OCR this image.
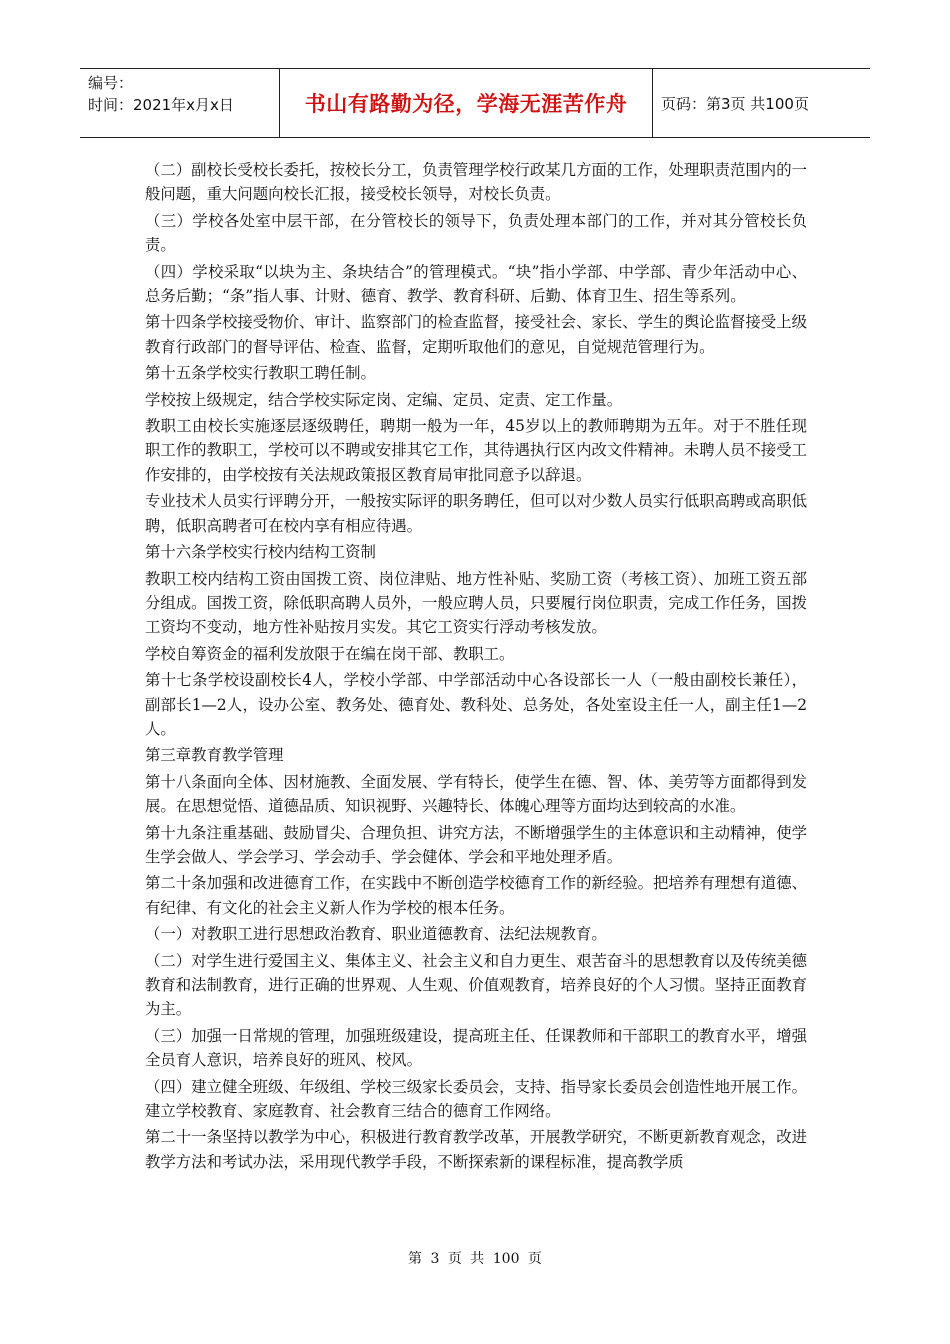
编号：
时间：2021年x月x日	书山有路勤为径，学海无涯苦作舟 页码：第3页 共100页

（二）副校长受校长委托，按校长分工，负责管理学校行政某几方面的工作，处理职责范围内的一般问题，重大问题向校长汇报，接受校长领导，对校长负责。

（三）学校各处室中层干部，在分管校长的领导下，负责处理本部门的工作，并对其分管校长负责。

（四）学校采取“以块为主、条块结合”的管理模式。“块”指小学部、中学部、青少年活动中心、总务后勤；“条”指人事、计财、德育、教学、教育科研、后勤、体育卫生、招生等系列。

第十四条学校接受物价、审计、监察部门的检查监督，接受社会、家长、学生的舆论监督接受上级教育行政部门的督导评估、检查、监督，定期听取他们的意见，自觉规范管理行为。

第十五条学校实行教职工聘任制。

学校按上级规定，结合学校实际定岗、定编、定员、定责、定工作量。

教职工由校长实施逐层逐级聘任，聘期一般为一年，45岁以上的教师聘期为五年。对于不胜任现职工作的教职工，学校可以不聘或安排其它工作，其待遇执行区内改文件精神。未聘人员不接受工作安排的，由学校按有关法规政策报区教育局审批同意予以辞退。

专业技术人员实行评聘分开，一般按实际评的职务聘任，但可以对少数人员实行低职高聘或高职低聘，低职高聘者可在校内享有相应待遇。

第十六条学校实行校内结构工资制

教职工校内结构工资由国拨工资、岗位津贴、地方性补贴、奖励工资（考核工资）、加班工资五部分组成。国拨工资，除低职高聘人员外，一般应聘人员，只要履行岗位职责，完成工作任务，国拨工资均不变动，地方性补贴按月实发。其它工资实行浮动考核发放。

学校自筹资金的福利发放限于在编在岗干部、教职工。

第十七条学校设副校长4人，学校小学部、中学部活动中心各设部长一人（一般由副校长兼任），副部长1—2人，设办公室、教务处、德育处、教科处、总务处，各处室设主任一人，副主任1—2人。

第三章教育教学管理

第十八条面向全体、因材施教、全面发展、学有特长，使学生在德、智、体、美劳等方面都得到发展。在思想觉悟、道德品质、知识视野、兴趣特长、体魄心理等方面均达到较高的水准。

第十九条注重基础、鼓励冒尖、合理负担、讲究方法，不断增强学生的主体意识和主动精神，使学生学会做人、学会学习、学会动手、学会健体、学会和平地处理矛盾。

第二十条加强和改进德育工作，在实践中不断创造学校德育工作的新经验。把培养有理想有道德、有纪律、有文化的社会主义新人作为学校的根本任务。

（一）对教职工进行思想政治教育、职业道德教育、法纪法规教育。

（二）对学生进行爱国主义、集体主义、社会主义和自力更生、艰苦奋斗的思想教育以及传统美德教育和法制教育，进行正确的世界观、人生观、价值观教育，培养良好的个人习惯。坚持正面教育为主。

（三）加强一日常规的管理，加强班级建设，提高班主任、任课教师和干部职工的教育水平，增强全员育人意识，培养良好的班风、校风。

（四）建立健全班级、年级组、学校三级家长委员会，支持、指导家长委员会创造性地开展工作。建立学校教育、家庭教育、社会教育三结合的德育工作网络。

第二十一条坚持以教学为中心，积极进行教育教学改革，开展教学研究，不断更新教育观念，改进教学方法和考试办法，采用现代教学手段，不断探索新的课程标准，提高教学质

第 3 页 共 100 页
